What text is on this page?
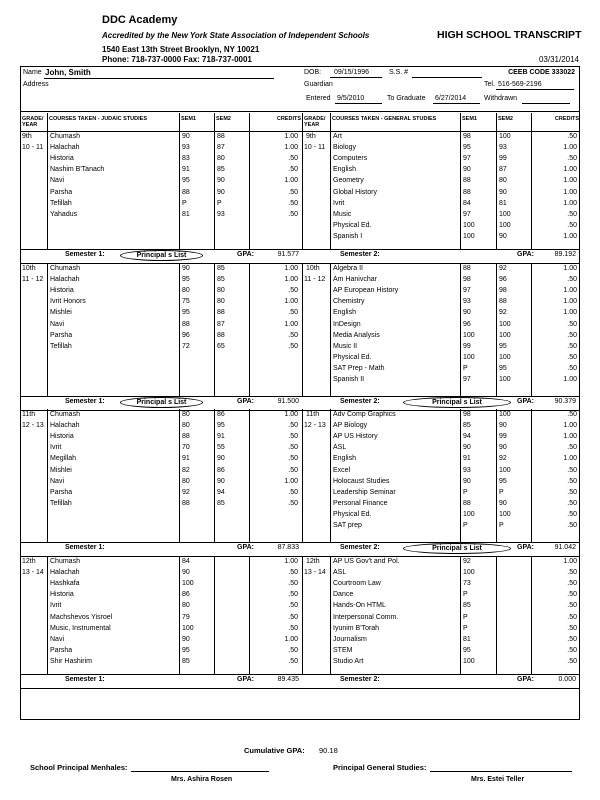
DDC Academy
Accredited by the New York State Association of Independent Schools
1540 East 13th Street Brooklyn, NY 10021
Phone: 718-737-0000 Fax: 718-737-0001
HIGH SCHOOL TRANSCRIPT
03/31/2014
Name John, Smith
Address
DOB: 09/15/1996	S.S. #	CEEB CODE 333022
Guardian	Tel. 516-569-2196
Entered 9/5/2010	To Graduate 6/27/2014	Withdrawn
GRADE/ YEAR
COURSES TAKEN - JUDAIC STUDIES	SEM1	SEM2	CREDITS GRADE/ YEAR
COURSES TAKEN - GENERAL STUDIES	SEM1	SEM2	CREDITS
9th
10 - 11
9th
10 - 11
Chumash	90	88	1.00
Halachah	93	87	1.00
Historia	83	80	.50
Nashim B'Tanach	91	85	.50
Navi	95	90	1.00
Parsha	88	90	.50
Tefillah	P	P	.50
Yahadus	81	93	.50
Art	98	100	.50
Biology	95	93	1.00
Computers	97	99	.50
English	90	87	1.00
Geometry	88	80	1.00
Global History	88	90	1.00
Ivrit	84	81	1.00
Music	97	100	.50
Physical Ed.	100	100	.50
Spanish I	100	90	1.00
Semester 1:	Principal s List	GPA:	91.577	Semester 2:	GPA:	89.192
10th
11 - 12
10th
11 - 12
Chumash	90	85	1.00
Halachah	95	85	1.00
Historia	80	80	.50
Ivrit Honors	75	80	1.00
Mishlei	95	88	.50
Navi	88	87	1.00
Parsha	96	88	.50
Tefillah	72	65	.50
Algebra II	88	92	1.00
Am Hanivchar	98	96	.50
AP European History	97	98	1.00
Chemistry	93	88	1.00
English	90	92	1.00
InDesign	96	100	.50
Media Analysis	100	100	.50
Music II	99	95	.50
Physical Ed.	100	100	.50
SAT Prep - Math	P	95	.50
Spanish II	97	100	1.00
Semester 1:	Principal s List	GPA:	91.500	Semester 2:	Principal s List	GPA:	90.379
11th
12 - 13
11th
12 - 13
Chumash	80	86	1.00
Halachah	80	95	.50
Historia	88	91	.50
Ivrit	70	55	.50
Megillah	91	90	.50
Mishlei	82	86	.50
Navi	80	90	1.00
Parsha	92	94	.50
Tefillah	88	85	.50
Adv Comp Graphics	98	100	.50
AP Biology	85	90	1.00
AP US History	94	99	1.00
ASL	90	90	.50
English	91	92	1.00
Excel	93	100	.50
Holocaust Studies	90	95	.50
Leadership Seminar	P	P	.50
Personal Finance	88	90	.50
Physical Ed.	100	100	.50
SAT prep	P	P	.50
Semester 1:	GPA:	87.833	Semester 2:	Principal s List	GPA:	91.042
12th
13 - 14
12th
13 - 14
Chumash	84	1.00
Halachah	90	.50
Hashkafa	100	.50
Historia	86	.50
Ivrit	80	.50
Machshevos Yisroel	79	.50
Music, Instrumental	100	.50
Navi	90	1.00
Parsha	95	.50
Shir Hashirim	85	.50
AP US Gov't and Pol.	92	1.00
ASL	100	.50
Courtroom Law	73	.50
Dance	P	.50
Hands-On HTML	85	.50
Interpersonal Comm.	P	.50
Iyunim B'Torah	P	.50
Journalism	81	.50
STEM	95	.50
Studio Art	100	.50
Semester 1:	GPA:	89.435	Semester 2:	GPA:	0.000
Cumulative GPA: 90.18
School Principal Menhales:
Mrs. Ashira Rosen
Principal General Studies:
Mrs. Estei Teller
